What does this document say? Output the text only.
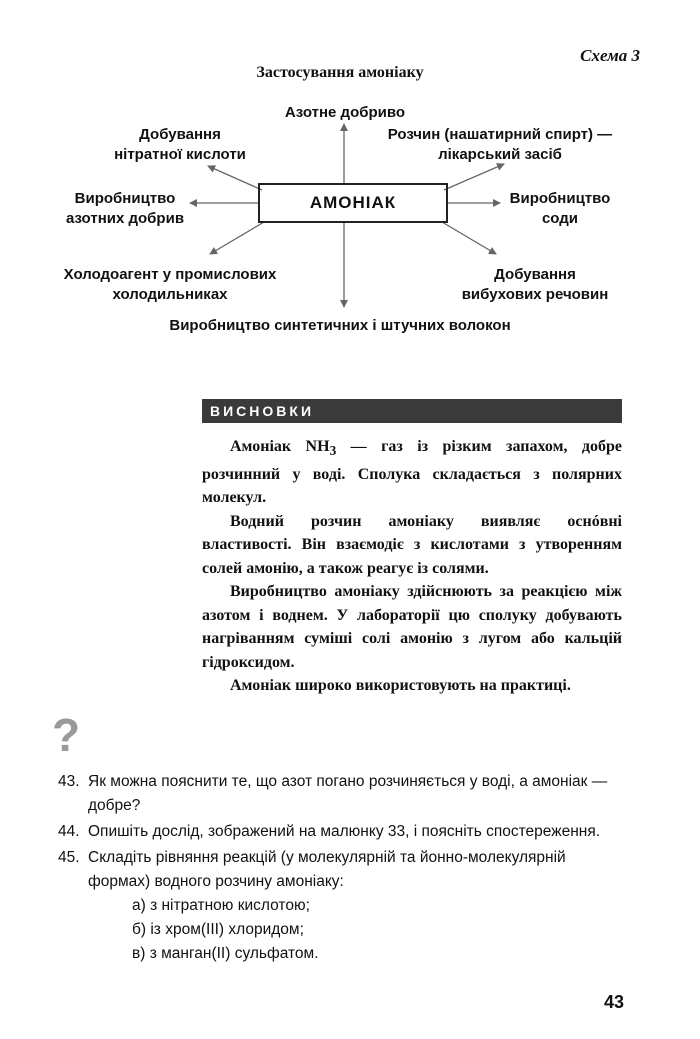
Схема 3
Застосування амоніаку
АМОНІАК
Азотне добриво
Добування
нітратної кислоти
Розчин (нашатирний спирт) —
лікарський засіб
Виробництво
азотних добрив
Виробництво
соди
Холодоагент у промислових
холодильниках
Добування
вибухових речовин
Виробництво синтетичних і штучних волокон
ВИСНОВКИ

Амоніак $NH_3$ — газ із різким запахом, добре розчинний у воді. Сполука складається з полярних молекул.

Водний розчин амоніаку виявляє оснóвні властивості. Він взаємодіє з кислотами з утворенням солей амонію, а також реагує із солями.

Виробництво амоніаку здійснюють за реакцією між азотом і воднем. У лабораторії цю сполуку добувають нагріванням суміші солі амонію з лугом або кальцій гідроксидом.

Амоніак широко використовують на практиці.

?
43. Як можна пояснити те, що азот погано розчиняється у воді, а амоніак — добре?
44. Опишіть дослід, зображений на малюнку 33, і поясніть спостереження.
45. Складіть рівняння реакцій (у молекулярній та йонно-молекулярній формах) водного розчину амоніаку:
а) з нітратною кислотою;
б) із хром(ІІІ) хлоридом;
в) з манган(ІІ) сульфатом.
43
